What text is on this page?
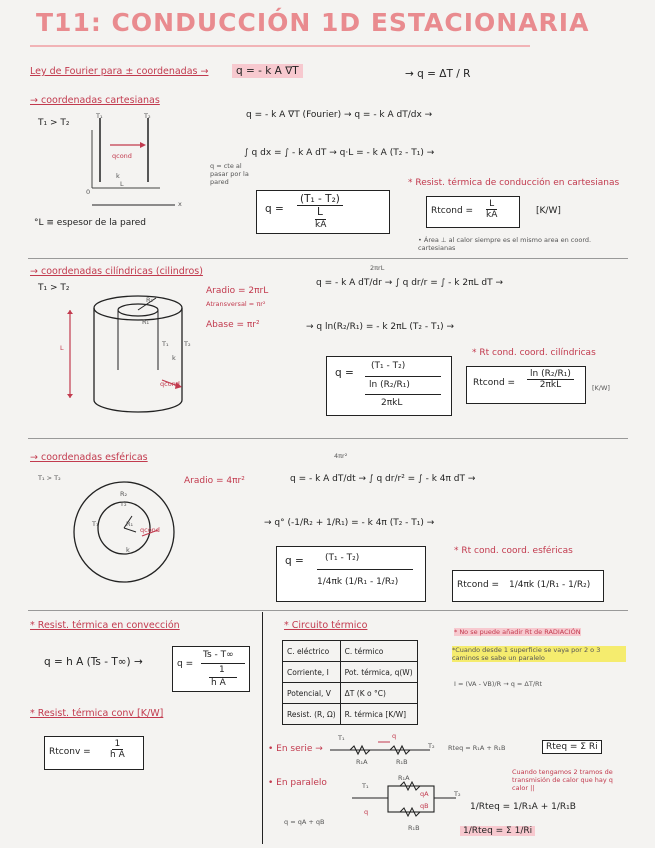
T11: CONDUCCIÓN 1D ESTACIONARIA
Ley de Fourier para ± coordenadas →	q = - k A ∇T	→ q = ΔT / R
→ coordenadas cartesianas
T₁ > T₂
T₁	T₂
qcond
k
L
0
x
°L ≡ espesor de la pared
q = - k A ∇T (Fourier) → q = - k A dT/dx →
q = cte al pasar por la pared
∫ q dx = ∫ - k A dT → q·L = - k A (T₂ - T₁) →
$q = \frac{\text{(T₁ - T₂)}}{L}$
kA
* Resist. térmica de conducción en cartesianas
Rtcond = $\frac{L}{kA}$	[K/W]
• Área ⊥ al calor siempre es el mismo area en coord. cartesianas
→ coordenadas cilíndricas (cilindros)
T₁ > T₂
L
R₂
R₁
T₁ T₂
k
qcond
Aradio = 2πrL
Atransversal = πr²
Abase = πr²
2πrL
q = - k A dT/dr → ∫ q dr/r = ∫ - k 2πL dT →
→ q ln(R₂/R₁) = - k 2πL (T₂ - T₁) →
q =
(T₁ - T₂)
ln (R₂/R₁)
2πkL
* Rt cond. coord. cilíndricas
Rtcond =
ln (R₂/R₁)
2πkL	[K/W]
→ coordenadas esféricas
T₁ > T₂	Aradio = 4πr²
R₂
R₁
T₁
T₂
k
qcond
4πr²
q = - k A dT/dt → ∫ q dr/r² = ∫ - k 4π dT →
→ q° (-1/R₂ + 1/R₁) = - k 4π (T₂ - T₁) →
q = (T₁ - T₂)
1/4πk (1/R₁ - 1/R₂)
* Rt cond. coord. esféricas
Rtcond = 1/4πk (1/R₁ - 1/R₂)
* Resist. térmica en convección
q = h A (Ts - T∞) →	q =
Ts - T∞
1
h A
* Resist. térmica conv [K/W]
Rtconv = $\frac{1}{\text{h A}}$
* Circuito térmico
C. eléctrico	C. térmico
Corriente, I	Pot. térmica, q(W)
Potencial, V	ΔT (K o °C)
Resist. (R, Ω)	R. térmica [K/W]
* No se puede añadir Rt de RADIACIÓN
*Cuando desde 1 superficie se vaya por 2 o 3 caminos se sabe un paralelo
I = (VA - VB)/R → q = ΔT/Rt
• En serie →
T₁
T₂
q
R₁A	R₁B
Rteq = R₁A + R₁B	Rteq = Σ Ri
• En paralelo	T₁
T₂
qA
qB
q
R₁A
R₁B
q = qA + qB
Cuando tengamos 2 tramos de transmisión de calor que hay q calor ||
1/Rteq = 1/R₁A + 1/R₁B
1/Rteq = Σ 1/Ri
